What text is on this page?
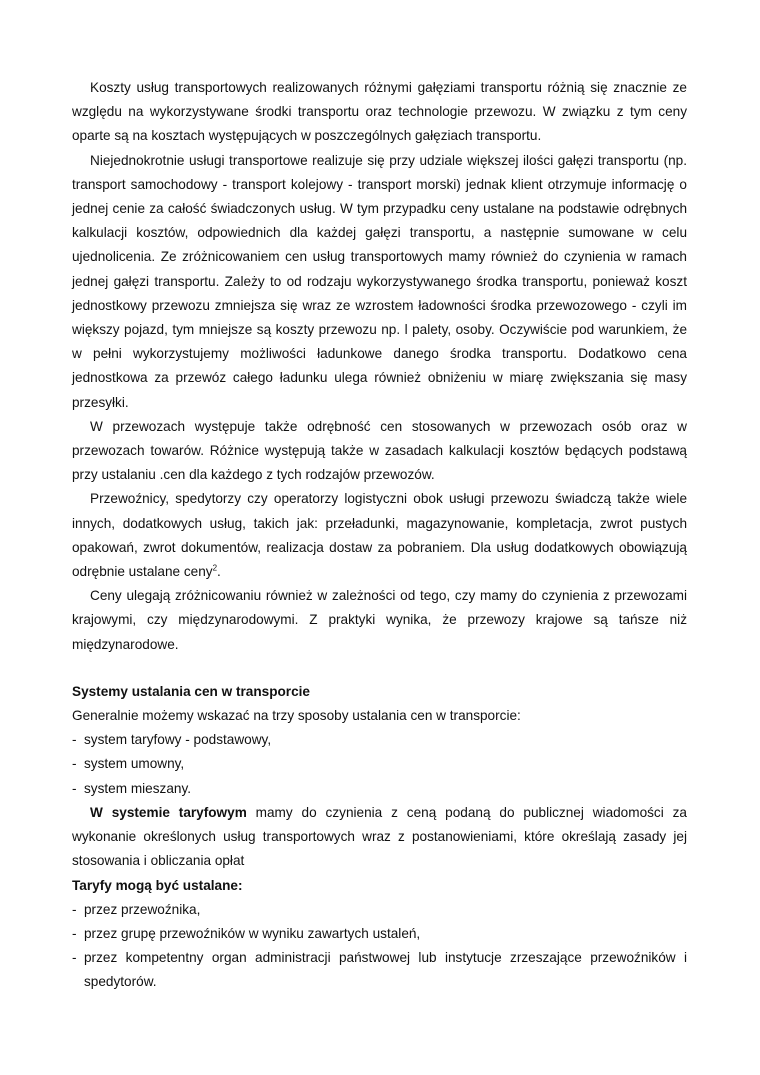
Koszty usług transportowych realizowanych różnymi gałęziami transportu różnią się znacznie ze względu na wykorzystywane środki transportu oraz technologie przewozu. W związku z tym ceny oparte są na kosztach występujących w poszczególnych gałęziach transportu.

Niejednokrotnie usługi transportowe realizuje się przy udziale większej ilości gałęzi transportu (np. transport samochodowy - transport kolejowy - transport morski) jednak klient otrzymuje informację o jednej cenie za całość świadczonych usług. W tym przypadku ceny ustalane na podstawie odrębnych kalkulacji kosztów, odpowiednich dla każdej gałęzi transportu, a następnie sumowane w celu ujednolicenia. Ze zróżnicowaniem cen usług transportowych mamy również do czynienia w ramach jednej gałęzi transportu. Zależy to od rodzaju wykorzystywanego środka transportu, ponieważ koszt jednostkowy przewozu zmniejsza się wraz ze wzrostem ładowności środka przewozowego - czyli im większy pojazd, tym mniejsze są koszty przewozu np. l palety, osoby. Oczywiście pod warunkiem, że w pełni wykorzystujemy możliwości ładunkowe danego środka transportu. Dodatkowo cena jednostkowa za przewóz całego ładunku ulega również obniżeniu w miarę zwiększania się masy przesyłki.

W przewozach występuje także odrębność cen stosowanych w przewozach osób oraz w przewozach towarów. Różnice występują także w zasadach kalkulacji kosztów będących podstawą przy ustalaniu .cen dla każdego z tych rodzajów przewozów.

Przewoźnicy, spedytorzy czy operatorzy logistyczni obok usługi przewozu świadczą także wiele innych, dodatkowych usług, takich jak: przeładunki, magazynowanie, kompletacja, zwrot pustych opakowań, zwrot dokumentów, realizacja dostaw za pobraniem. Dla usług dodatkowych obowiązują odrębnie ustalane ceny$^2$.

Ceny ulegają zróżnicowaniu również w zależności od tego, czy mamy do czynienia z przewozami krajowymi, czy międzynarodowymi. Z praktyki wynika, że przewozy krajowe są tańsze niż międzynarodowe.

Systemy ustalania cen w transporcie

Generalnie możemy wskazać na trzy sposoby ustalania cen w transporcie:

- system taryfowy - podstawowy,
- system umowny,
- system mieszany.

W systemie taryfowym mamy do czynienia z ceną podaną do publicznej wiadomości za wykonanie określonych usług transportowych wraz z postanowieniami, które określają zasady jej stosowania i obliczania opłat

Taryfy mogą być ustalane:

- przez przewoźnika,
- przez grupę przewoźników w wyniku zawartych ustaleń,
- przez kompetentny organ administracji państwowej lub instytucje zrzeszające przewoźników i spedytorów.
